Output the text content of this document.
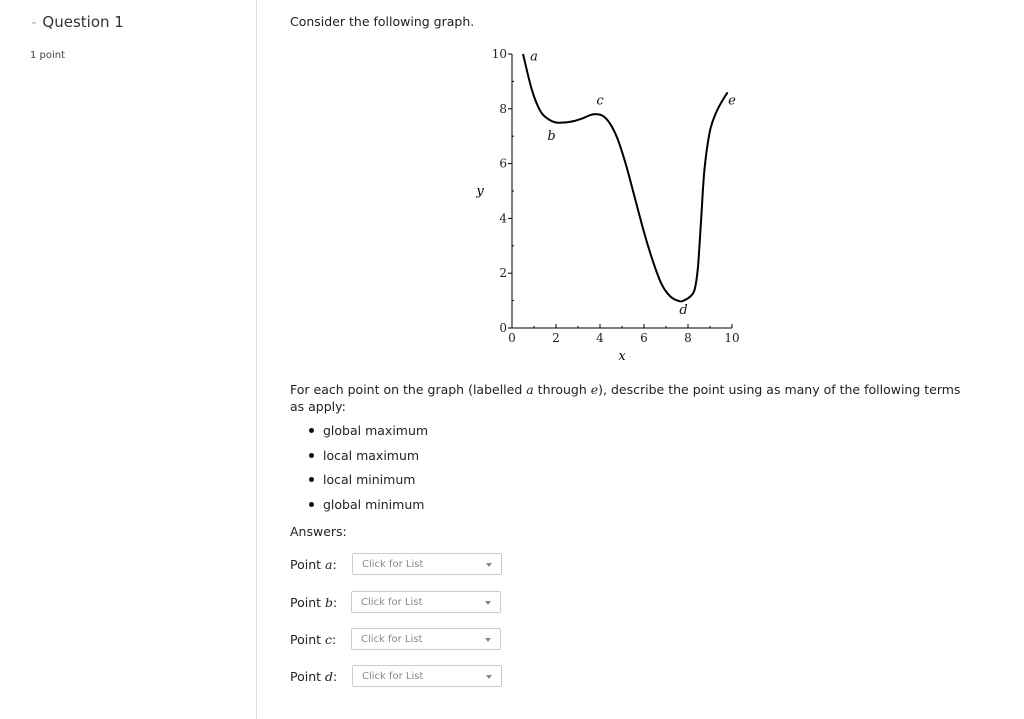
- Question 1
1 point
Consider the following graph.
0	2	4	6	8	10
0
2
4
6
8
10 a
b
c
d
e
x
y
For each point on the graph (labelled a through e), describe the point using as many of the following terms as apply:
global maximum
local maximum
local minimum
global minimum
Answers:
Point a:	Click for List
Point b: Click for List
Point c: Click for List
Point d: Click for List
